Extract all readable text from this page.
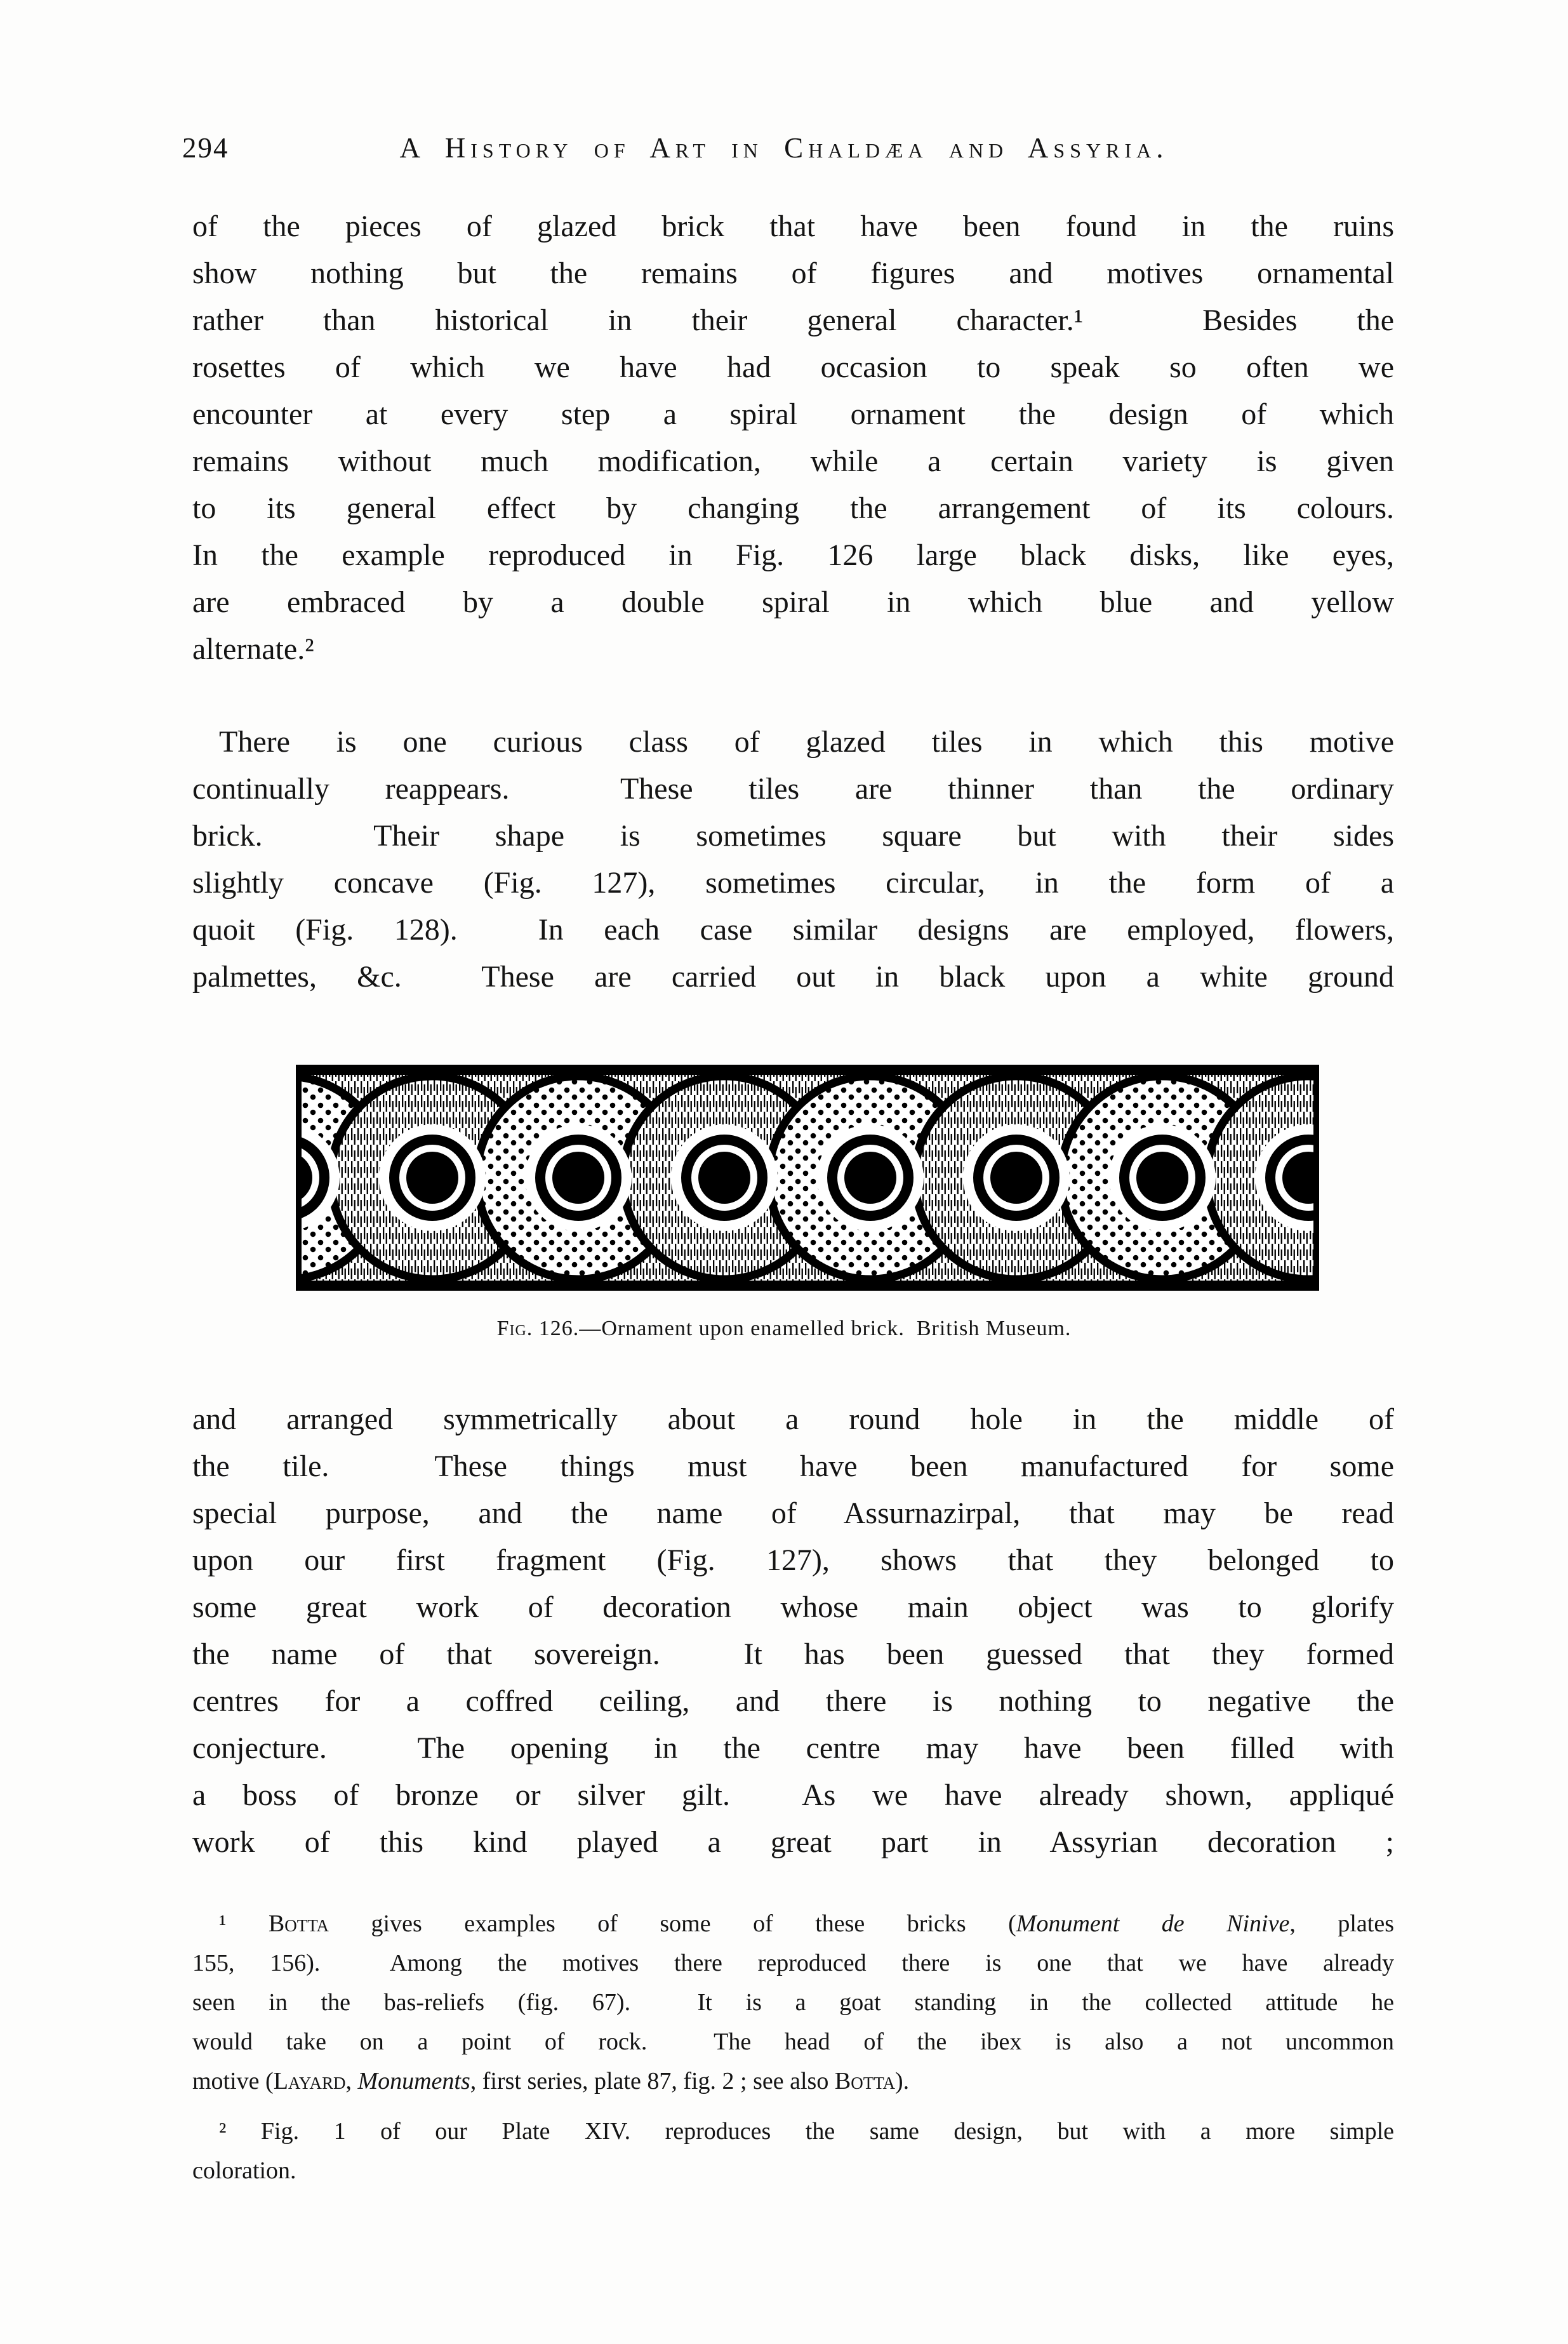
294	A History of Art in Chaldæa and Assyria.
of the pieces of glazed brick that have been found in the ruins
show nothing but the remains of figures and motives ornamental
rather than historical in their general character.¹  Besides the
rosettes of which we have had occasion to speak so often we
encounter at every step a spiral ornament the design of which
remains without much modification, while a certain variety is given
to its general effect by changing the arrangement of its colours.
In the example reproduced in Fig. 126 large black disks, like eyes,
are embraced by a double spiral in which blue and yellow
alternate.²
There is one curious class of glazed tiles in which this motive
continually reappears.  These tiles are thinner than the ordinary
brick.  Their shape is sometimes square but with their sides
slightly concave (Fig. 127), sometimes circular, in the form of a
quoit (Fig. 128).  In each case similar designs are employed, flowers,
palmettes, &c.  These are carried out in black upon a white ground
Fig. 126.—Ornament upon enamelled brick.  British Museum.
and arranged symmetrically about a round hole in the middle of
the tile.  These things must have been manufactured for some
special purpose, and the name of Assurnazirpal, that may be read
upon our first fragment (Fig. 127), shows that they belonged to
some great work of decoration whose main object was to glorify
the name of that sovereign.  It has been guessed that they formed
centres for a coffred ceiling, and there is nothing to negative the
conjecture.  The opening in the centre may have been filled with
a boss of bronze or silver gilt.  As we have already shown, appliqué
work of this kind played a great part in Assyrian decoration ;
¹ Botta gives examples of some of these bricks (Monument de Ninive, plates
155, 156).  Among the motives there reproduced there is one that we have already
seen in the bas-reliefs (fig. 67).  It is a goat standing in the collected attitude he
would take on a point of rock.  The head of the ibex is also a not uncommon
motive (Layard, Monuments, first series, plate 87, fig. 2 ; see also Botta).
² Fig. 1 of our Plate XIV. reproduces the same design, but with a more simple
coloration.
